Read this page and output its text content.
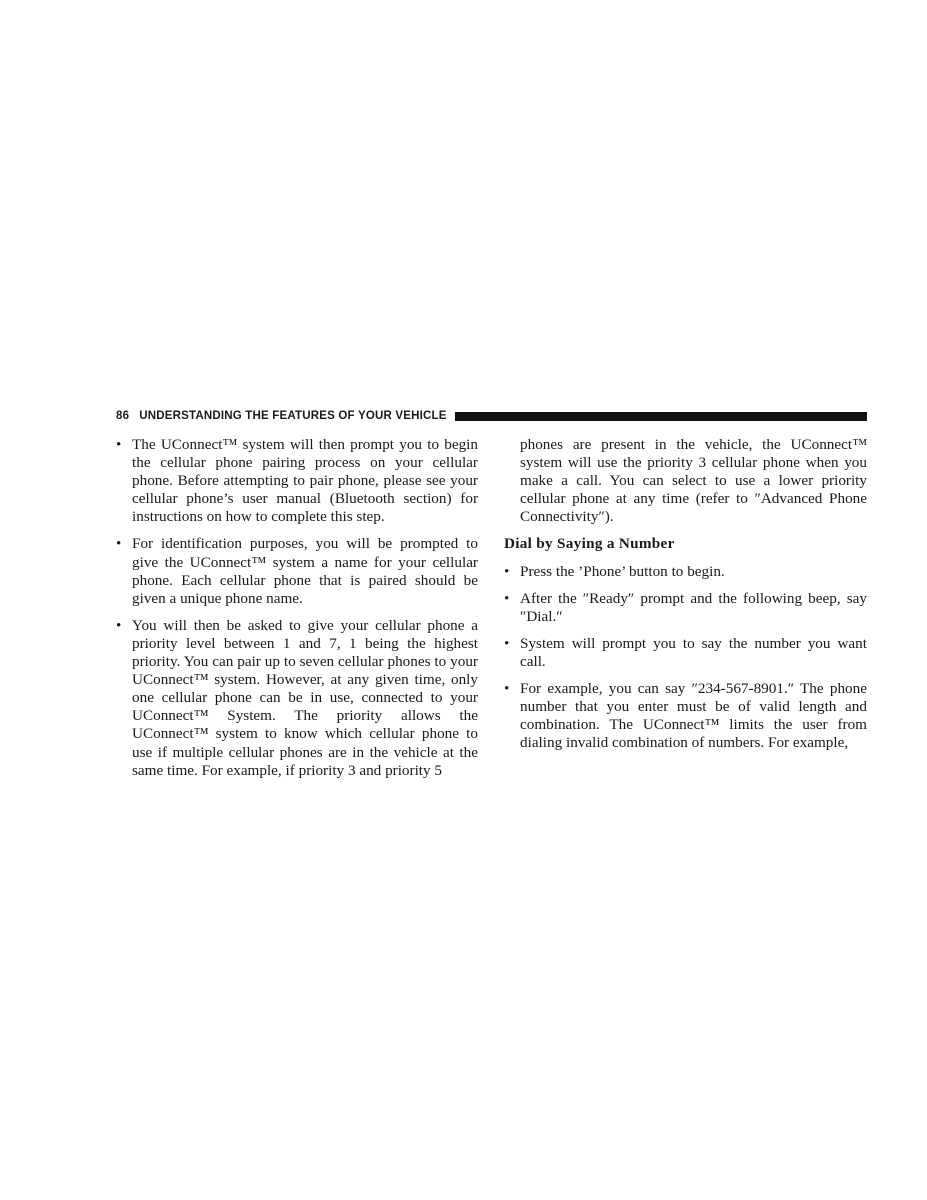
86 UNDERSTANDING THE FEATURES OF YOUR VEHICLE
• The UConnect™ system will then prompt you to begin the cellular phone pairing process on your cellular phone. Before attempting to pair phone, please see your cellular phone’s user manual (Bluetooth section) for instructions on how to complete this step.
• For identification purposes, you will be prompted to give the UConnect™ system a name for your cellular phone. Each cellular phone that is paired should be given a unique phone name.
• You will then be asked to give your cellular phone a priority level between 1 and 7, 1 being the highest priority. You can pair up to seven cellular phones to your UConnect™ system. However, at any given time, only one cellular phone can be in use, connected to your UConnect™ System. The priority allows the UConnect™ system to know which cellular phone to use if multiple cellular phones are in the vehicle at the same time. For example, if priority 3 and priority 5
phones are present in the vehicle, the UConnect™ system will use the priority 3 cellular phone when you make a call. You can select to use a lower priority cellular phone at any time (refer to ″Advanced Phone Connectivity″).
Dial by Saying a Number
• Press the ’Phone’ button to begin.
• After the ″Ready″ prompt and the following beep, say ″Dial.″
• System will prompt you to say the number you want call.
• For example, you can say ″234-567-8901.″ The phone number that you enter must be of valid length and combination. The UConnect™ limits the user from dialing invalid combination of numbers. For example,
